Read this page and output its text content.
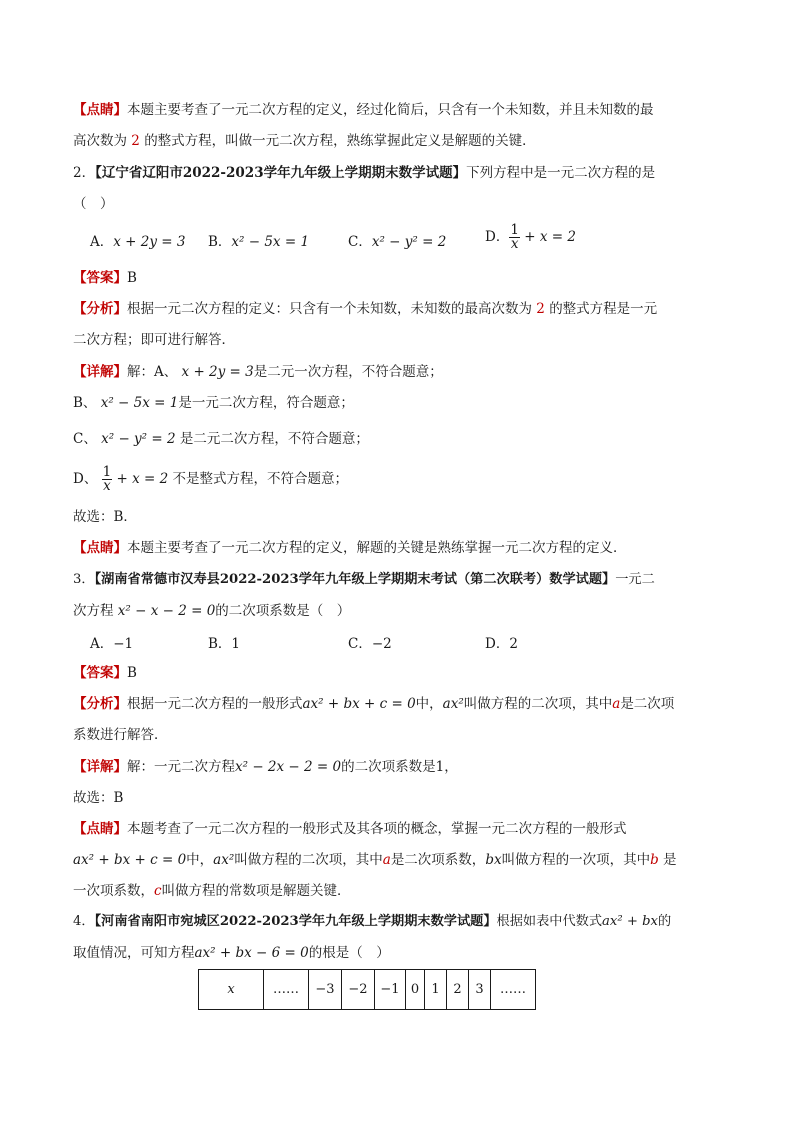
【点睛】本题主要考查了一元二次方程的定义，经过化简后，只含有一个未知数，并且未知数的最
高次数为 2 的整式方程，叫做一元二次方程，熟练掌握此定义是解题的关键．
2．【辽宁省辽阳市2022-2023学年九年级上学期期末数学试题】下列方程中是一元二次方程的是
（　）
A．x + 2y = 3 B．x² − 5x = 1	C．x² − y² = 2	D． $\frac{1}{x} + x = 2$
【答案】B
【分析】根据一元二次方程的定义：只含有一个未知数，未知数的最高次数为 2 的整式方程是一元
二次方程；即可进行解答．
【详解】解：A、 x + 2y = 3是二元一次方程，不符合题意；
B、 x² − 5x = 1是一元二次方程，符合题意；
C、 x² − y² = 2 是二元二次方程，不符合题意；
D、 $\frac{1}{x} + x = 2$ 不是整式方程，不符合题意；
故选：B．
【点睛】本题主要考查了一元二次方程的定义，解题的关键是熟练掌握一元二次方程的定义．
3．【湖南省常德市汉寿县2022-2023学年九年级上学期期末考试（第二次联考）数学试题】一元二
次方程 x² − x − 2 = 0的二次项系数是（　）
A．−1	B．1	C．−2	D．2
【答案】B
【分析】根据一元二次方程的一般形式ax² + bx + c = 0中，ax²叫做方程的二次项，其中a是二次项
系数进行解答．
【详解】解：一元二次方程x² − 2x − 2 = 0的二次项系数是1，
故选：B
【点睛】本题考查了一元二次方程的一般形式及其各项的概念，掌握一元二次方程的一般形式
ax² + bx + c = 0中，ax²叫做方程的二次项，其中a是二次项系数，bx叫做方程的一次项，其中b 是
一次项系数，c叫做方程的常数项是解题关键．
4．【河南省南阳市宛城区2022-2023学年九年级上学期期末数学试题】根据如表中代数式ax² + bx的
取值情况，可知方程ax² + bx − 6 = 0的根是（　）
x	……	−3	−2	−1	0	1	2	3	……
